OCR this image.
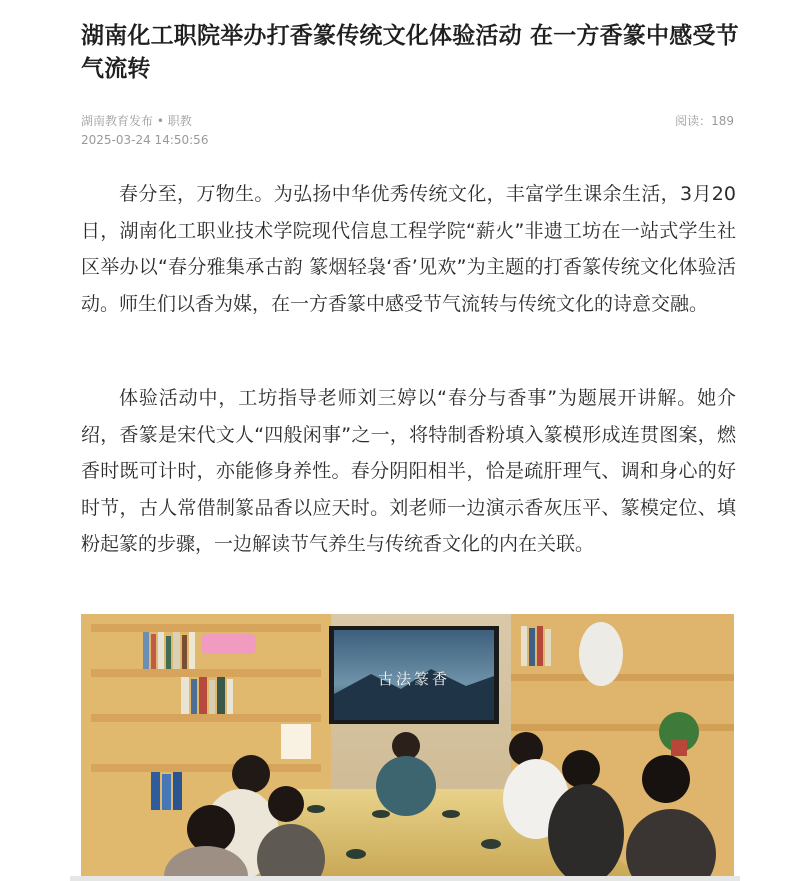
湖南化工职院举办打香篆传统文化体验活动 在一方香篆中感受节气流转
湖南教育发布 • 职教
2025-03-24 14:50:56
阅读：189

春分至，万物生。为弘扬中华优秀传统文化，丰富学生课余生活，3月20日，湖南化工职业技术学院现代信息工程学院“薪火”非遗工坊在一站式学生社区举办以“春分雅集承古韵 篆烟轻袅‘香’见欢”为主题的打香篆传统文化体验活动。师生们以香为媒，在一方香篆中感受节气流转与传统文化的诗意交融。

体验活动中，工坊指导老师刘三婷以“春分与香事”为题展开讲解。她介绍，香篆是宋代文人“四般闲事”之一，将特制香粉填入篆模形成连贯图案，燃香时既可计时，亦能修身养性。春分阴阳相半，恰是疏肝理气、调和身心的好时节，古人常借制篆品香以应天时。刘老师一边演示香灰压平、篆模定位、填粉起篆的步骤，一边解读节气养生与传统香文化的内在关联。

古法篆香
